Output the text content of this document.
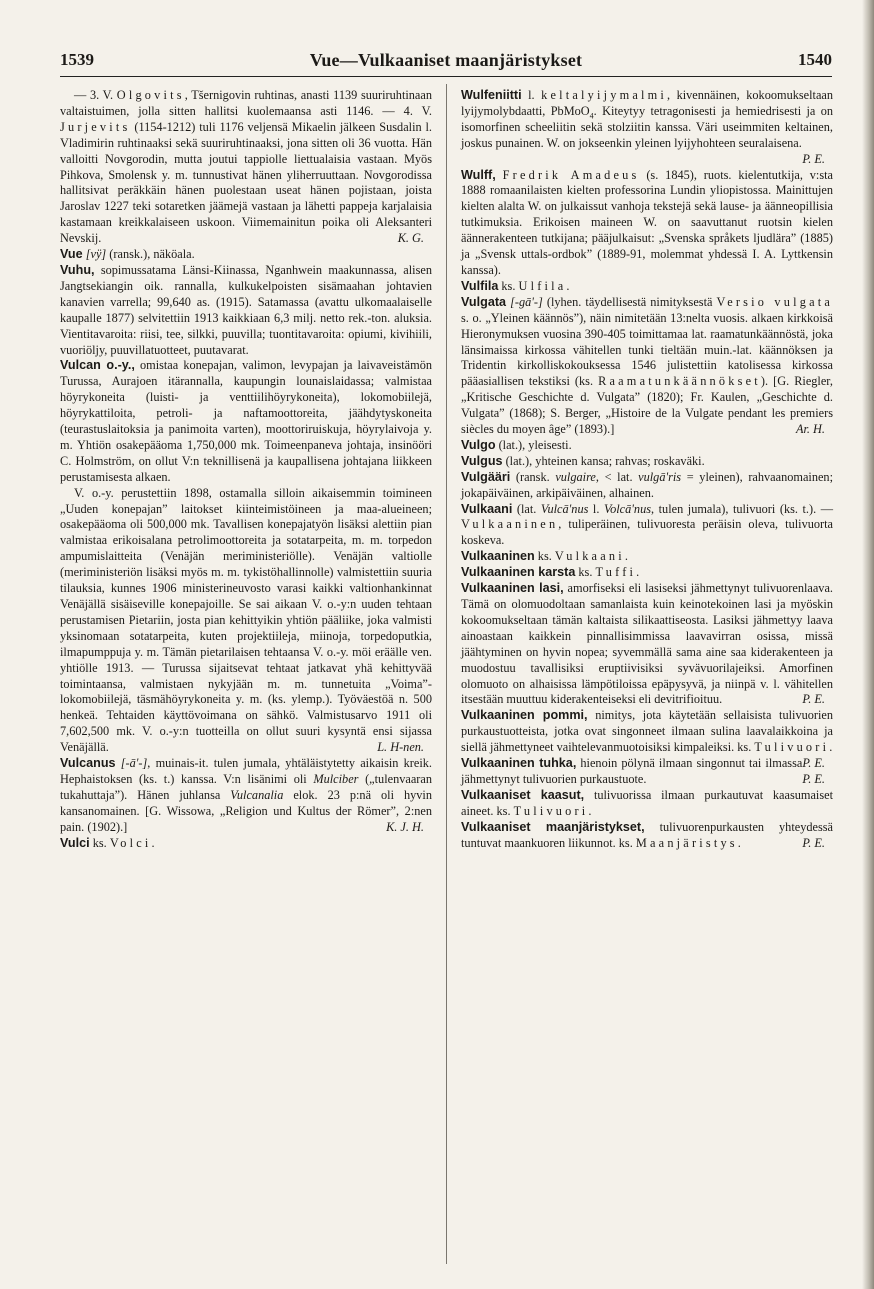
1539	Vue—Vulkaaniset maanjäristykset	1540

— 3. V. Olgovits, Tšernigovin ruhtinas, anasti 1139 suuriruhtinaan valtaistuimen, jolla sitten hallitsi kuolemaansa asti 1146. — 4. V. Jurjevits (1154-1212) tuli 1176 veljensä Mikaelin jälkeen Susdalin l. Vladimirin ruhtinaaksi sekä suuriruhtinaaksi, jona sitten oli 36 vuotta. Hän valloitti Novgorodin, mutta joutui tappiolle liettualaisia vastaan. Myös Pihkova, Smolensk y. m. tunnustivat hänen yliherruuttaan. Novgorodissa hallitsivat peräkkäin hänen puolestaan useat hänen pojistaan, joista Jaroslav 1227 teki sotaretken jäämejä vastaan ja lähetti pappeja karjalaisia kastamaan kreikkalaiseen uskoon. Viimemainitun poika oli Aleksanteri Nevskij.	K. G.

Vue [vÿ] (ransk.), näköala.

Vuhu, sopimussatama Länsi-Kiinassa, Nganhwein maakunnassa, alisen Jangtsekiangin oik. rannalla, kulkukelpoisten sisämaahan johtavien kanavien varrella; 99,640 as. (1915). Satamassa (avattu ulkomaalaiselle kaupalle 1877) selvitettiin 1913 kaikkiaan 6,3 milj. netto rek.-ton. aluksia. Vientitavaroita: riisi, tee, silkki, puuvilla; tuontitavaroita: opiumi, kivihiili, vuoriöljy, puuvillatuotteet, puutavarat.

Vulcan o.-y., omistaa konepajan, valimon, levypajan ja laivaveistämön Turussa, Aurajoen itärannalla, kaupungin lounaislaidassa; valmistaa höyrykoneita (luisti- ja venttiilihöyrykoneita), lokomobiilejä, höyrykattiloita, petroli- ja naftamoottoreita, jäähdytyskoneita (teurastuslaitoksia ja panimoita varten), moottoriruiskuja, höyrylaivoja y. m. Yhtiön osakepääoma 1,750,000 mk. Toimeenpaneva johtaja, insinööri C. Holmström, on ollut V:n teknillisenä ja kaupallisena johtajana liikkeen perustamisesta alkaen.

V. o.-y. perustettiin 1898, ostamalla silloin aikaisemmin toimineen „Uuden konepajan” laitokset kiinteimistöineen ja maa-alueineen; osakepääoma oli 500,000 mk. Tavallisen konepajatyön lisäksi alettiin pian valmistaa erikoisalana petrolimoottoreita ja sotatarpeita, m. m. torpedon ampumislaitteita (Venäjän meriministeriölle). Venäjän valtiolle (meriministeriön lisäksi myös m. m. tykistöhallinnolle) valmistettiin suuria tilauksia, kunnes 1906 ministerineuvosto varasi kaikki valtionhankinnat Venäjällä sisäiseville konepajoille. Se sai aikaan V. o.-y:n uuden tehtaan perustamisen Pietariin, josta pian kehittyikin yhtiön pääliike, joka valmisti yksinomaan sotatarpeita, kuten projektiileja, miinoja, torpedoputkia, ilmapumppuja y. m. Tämän pietarilaisen tehtaansa V. o.-y. möi eräälle ven. yhtiölle 1913. — Turussa sijaitsevat tehtaat jatkavat yhä kehittyvää toimintaansa, valmistaen nykyjään m. m. tunnetuita „Voima”-lokomobiilejä, täsmähöyrykoneita y. m. (ks. ylemp.). Työväestöä n. 500 henkeä. Tehtaiden käyttövoimana on sähkö. Valmistusarvo 1911 oli 7,602,500 mk. V. o.-y:n tuotteilla on ollut suuri kysyntä ensi sijassa Venäjällä.	L. H-nen.

Vulcanus [-ā'-], muinais-it. tulen jumala, yhtäläistytetty aikaisin kreik. Hephaistoksen (ks. t.) kanssa. V:n lisänimi oli Mulciber („tulenvaaran tukahuttaja”). Hänen juhlansa Vulcanalia elok. 23 p:nä oli hyvin kansanomainen. [G. Wissowa, „Religion und Kultus der Römer”, 2:nen pain. (1902).]	K. J. H.

Vulci ks. Volci.

Wulfeniitti l. keltalyijymalmi, kivennäinen, kokoomukseltaan lyijymolybdaatti, PbMoO$_4$. Kiteytyy tetragonisesti ja hemiedrisesti ja on isomorfinen scheeliitin sekä stolziitin kanssa. Väri useimmiten keltainen, joskus punainen. W. on jokseenkin yleinen lyijyhohteen seuralaisena.
P. E.

Wulff, Fredrik Amadeus (s. 1845), ruots. kielentutkija, v:sta 1888 romaanilaisten kielten professorina Lundin yliopistossa. Mainittujen kielten alalta W. on julkaissut vanhoja tekstejä sekä lause- ja äänneopillisia tutkimuksia. Erikoisen maineen W. on saavuttanut ruotsin kielen äännerakenteen tutkijana; pääjulkaisut: „Svenska språkets ljudlära” (1885) ja „Svensk uttals-ordbok” (1889-91, molemmat yhdessä I. A. Lyttkensin kanssa).

Vulfila ks. Ulfila.

Vulgata [-gā'-] (lyhen. täydellisestä nimityksestä Versio vulgata s. o. „Yleinen käännös”), näin nimitetään 13:nelta vuosis. alkaen kirkkoisä Hieronymuksen vuosina 390-405 toimittamaa lat. raamatunkäännöstä, joka länsimaissa kirkossa vähitellen tunki tieltään muin.-lat. käännöksen ja Tridentin kirkolliskokouksessa 1546 julistettiin katolisessa kirkossa pääasiallisen tekstiksi (ks. Raamatunkäännökset). [G. Riegler, „Kritische Geschichte d. Vulgata” (1820); Fr. Kaulen, „Geschichte d. Vulgata” (1868); S. Berger, „Histoire de la Vulgate pendant les premiers siècles du moyen âge” (1893).]	Ar. H.

Vulgo (lat.), yleisesti.

Vulgus (lat.), yhteinen kansa; rahvas; roskaväki.

Vulgääri (ransk. vulgaire, < lat. vulgā'ris = yleinen), rahvaanomainen; jokapäiväinen, arkipäiväinen, alhainen.

Vulkaani (lat. Vulcā'nus l. Volcā'nus, tulen jumala), tulivuori (ks. t.). — Vulkaaninen, tuliperäinen, tulivuoresta peräisin oleva, tulivuorta koskeva.

Vulkaaninen ks. Vulkaani.

Vulkaaninen karsta ks. Tuffi.

Vulkaaninen lasi, amorfiseksi eli lasiseksi jähmettynyt tulivuorenlaava. Tämä on olomuodoltaan samanlaista kuin keinotekoinen lasi ja myöskin kokoomukseltaan tämän kaltaista silikaattiseosta. Lasiksi jähmettyy laava ainoastaan kaikkein pinnallisimmissa laavavirran osissa, missä jäähtyminen on hyvin nopea; syvemmällä sama aine saa kiderakenteen ja muodostuu tavallisiksi eruptiivisiksi syvävuorilajeiksi. Amorfinen olomuoto on alhaisissa lämpötiloissa epäpysyvä, ja niinpä v. l. vähitellen itsestään muuttuu kiderakenteiseksi eli devitrifioituu.	P. E.

Vulkaaninen pommi, nimitys, jota käytetään sellaisista tulivuorien purkaustuotteista, jotka ovat singonneet ilmaan sulina laavalaikkoina ja siellä jähmettyneet vaihtelevanmuotoisiksi kimpaleiksi. ks. Tulivuori.
P. E.

Vulkaaninen tuhka, hienoin pölynä ilmaan singonnut tai ilmassa jähmettynyt tulivuorien purkaustuote.	P. E.

Vulkaaniset kaasut, tulivuorissa ilmaan purkautuvat kaasumaiset aineet. ks. Tulivuori.

Vulkaaniset maanjäristykset, tulivuorenpurkausten yhteydessä tuntuvat maankuoren liikunnot. ks. Maanjäristys.	P. E.
